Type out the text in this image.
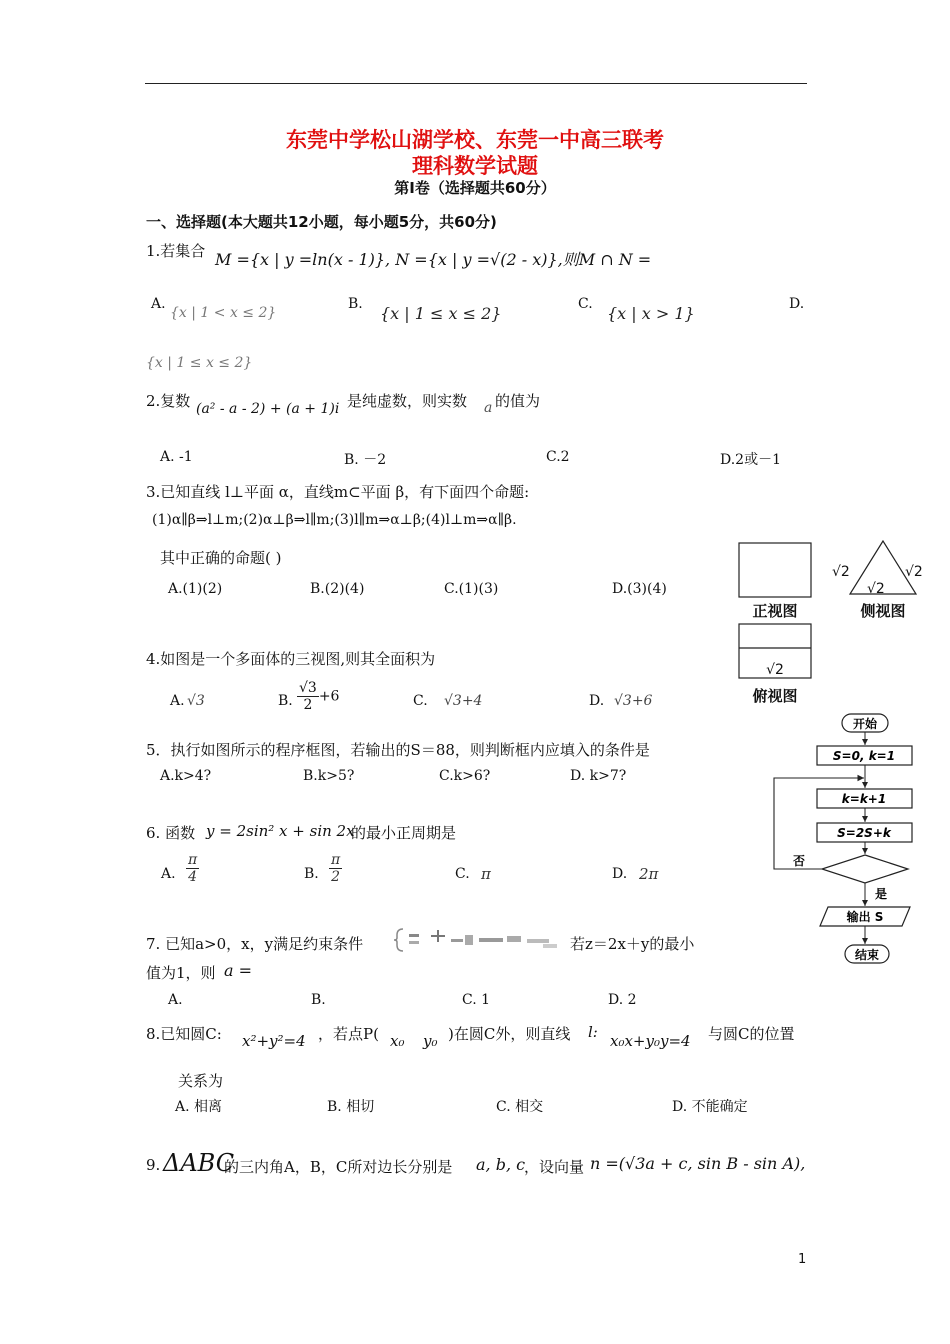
东莞中学松山湖学校、东莞一中高三联考
理科数学试题
第Ⅰ卷（选择题共60分）
一、选择题(本大题共12小题，每小题5分，共60分)
1.若集合 M ={x | y =ln(x - 1)}, N ={x | y =√(2 - x)},则M ∩ N =
A.
{x | 1 < x ≤ 2}
B. {x | 1 ≤ x ≤ 2}	C. {x | x > 1}	D.
{x | 1 ≤ x ≤ 2}
2.复数 (a² - a - 2) + (a + 1)i 是纯虚数，则实数 a 的值为
A. -1	B. －2	C.2	D.2或－1
3.已知直线 l⊥平面 α，直线m⊂平面 β，有下面四个命题:
(1)α∥β⇒l⊥m;(2)α⊥β⇒l∥m;(3)l∥m⇒α⊥β;(4)l⊥m⇒α∥β.
其中正确的命题( )
A.(1)(2)	B.(2)(4)	C.(1)(3)	D.(3)(4)
正视图
√2	√2
√2
侧视图
√2
俯视图
4.如图是一个多面体的三视图,则其全面积为
A. √3	B. $\frac{√3}{2} +6$	C. √3+4	D. √3+6
开始
S=0, k=1
k=k+1
S=2S+k
否
是
输出 S
结束
5．执行如图所示的程序框图，若输出的S＝88，则判断框内应填入的条件是
A.k>4?	B.k>5?	C.k>6?	D. k>7?
6. 函数 y = 2sin² x + sin 2x
的最小正周期是
A. $\frac{\pi}{4}$	B. $\frac{\pi}{2}$	C. π	D. 2π
7. 已知a>0，x，y满足约束条件	若z＝2x＋y的最小
值为1，则 a =
A.	B.	C. 1	D. 2
8.已知圆C: x²+y²=4 ，若点P( x₀ y₀ )在圆C外，则直线 l: x₀x+y₀y=4 与圆C的位置
关系为
A. 相离	B. 相切	C. 相交	D. 不能确定
9. ΔABC
的三内角A，B，C所对边长分别是 a, b, c
，设向量 n =(√3a + c, sin B - sin A),
1
